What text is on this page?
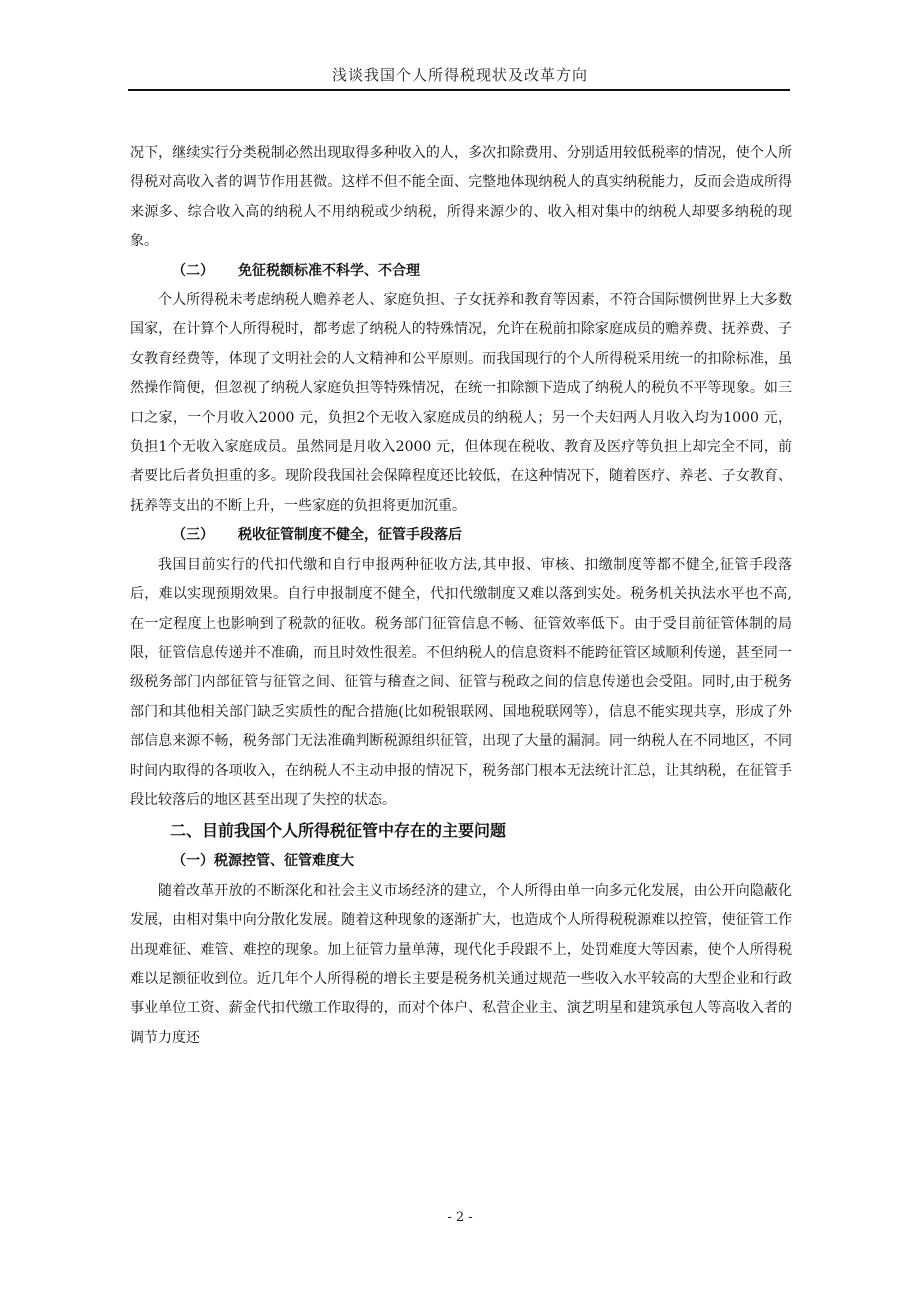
浅谈我国个人所得税现状及改革方向

况下，继续实行分类税制必然出现取得多种收入的人，多次扣除费用、分别适用较低税率的情况，使个人所得税对高收入者的调节作用甚微。这样不但不能全面、完整地体现纳税人的真实纳税能力，反而会造成所得来源多、综合收入高的纳税人不用纳税或少纳税，所得来源少的、收入相对集中的纳税人却要多纳税的现象。

（二） 免征税额标准不科学、不合理

个人所得税未考虑纳税人赡养老人、家庭负担、子女抚养和教育等因素，不符合国际惯例世界上大多数国家，在计算个人所得税时，都考虑了纳税人的特殊情况，允许在税前扣除家庭成员的赡养费、抚养费、子女教育经费等，体现了文明社会的人文精神和公平原则。而我国现行的个人所得税采用统一的扣除标准，虽然操作简便，但忽视了纳税人家庭负担等特殊情况，在统一扣除额下造成了纳税人的税负不平等现象。如三口之家，一个月收入2000 元，负担2个无收入家庭成员的纳税人；另一个夫妇两人月收入均为1000 元，负担1个无收入家庭成员。虽然同是月收入2000 元，但体现在税收、教育及医疗等负担上却完全不同，前者要比后者负担重的多。现阶段我国社会保障程度还比较低，在这种情况下，随着医疗、养老、子女教育、抚养等支出的不断上升，一些家庭的负担将更加沉重。

（三） 税收征管制度不健全，征管手段落后

我国目前实行的代扣代缴和自行申报两种征收方法,其申报、审核、扣缴制度等都不健全,征管手段落后，难以实现预期效果。自行申报制度不健全，代扣代缴制度又难以落到实处。税务机关执法水平也不高,在一定程度上也影响到了税款的征收。税务部门征管信息不畅、征管效率低下。由于受目前征管体制的局限，征管信息传递并不准确，而且时效性很差。不但纳税人的信息资料不能跨征管区域顺利传递，甚至同一级税务部门内部征管与征管之间、征管与稽查之间、征管与税政之间的信息传递也会受阻。同时,由于税务部门和其他相关部门缺乏实质性的配合措施(比如税银联网、国地税联网等），信息不能实现共享，形成了外部信息来源不畅，税务部门无法准确判断税源组织征管，出现了大量的漏洞。同一纳税人在不同地区，不同时间内取得的各项收入，在纳税人不主动申报的情况下，税务部门根本无法统计汇总，让其纳税，在征管手段比较落后的地区甚至出现了失控的状态。

二、目前我国个人所得税征管中存在的主要问题

（一）税源控管、征管难度大

随着改革开放的不断深化和社会主义市场经济的建立，个人所得由单一向多元化发展，由公开向隐蔽化发展，由相对集中向分散化发展。随着这种现象的逐渐扩大，也造成个人所得税税源难以控管，使征管工作出现难征、难管、难控的现象。加上征管力量单薄，现代化手段跟不上，处罚难度大等因素，使个人所得税难以足额征收到位。近几年个人所得税的增长主要是税务机关通过规范一些收入水平较高的大型企业和行政事业单位工资、薪金代扣代缴工作取得的，而对个体户、私营企业主、演艺明星和建筑承包人等高收入者的调节力度还

- 2 -
